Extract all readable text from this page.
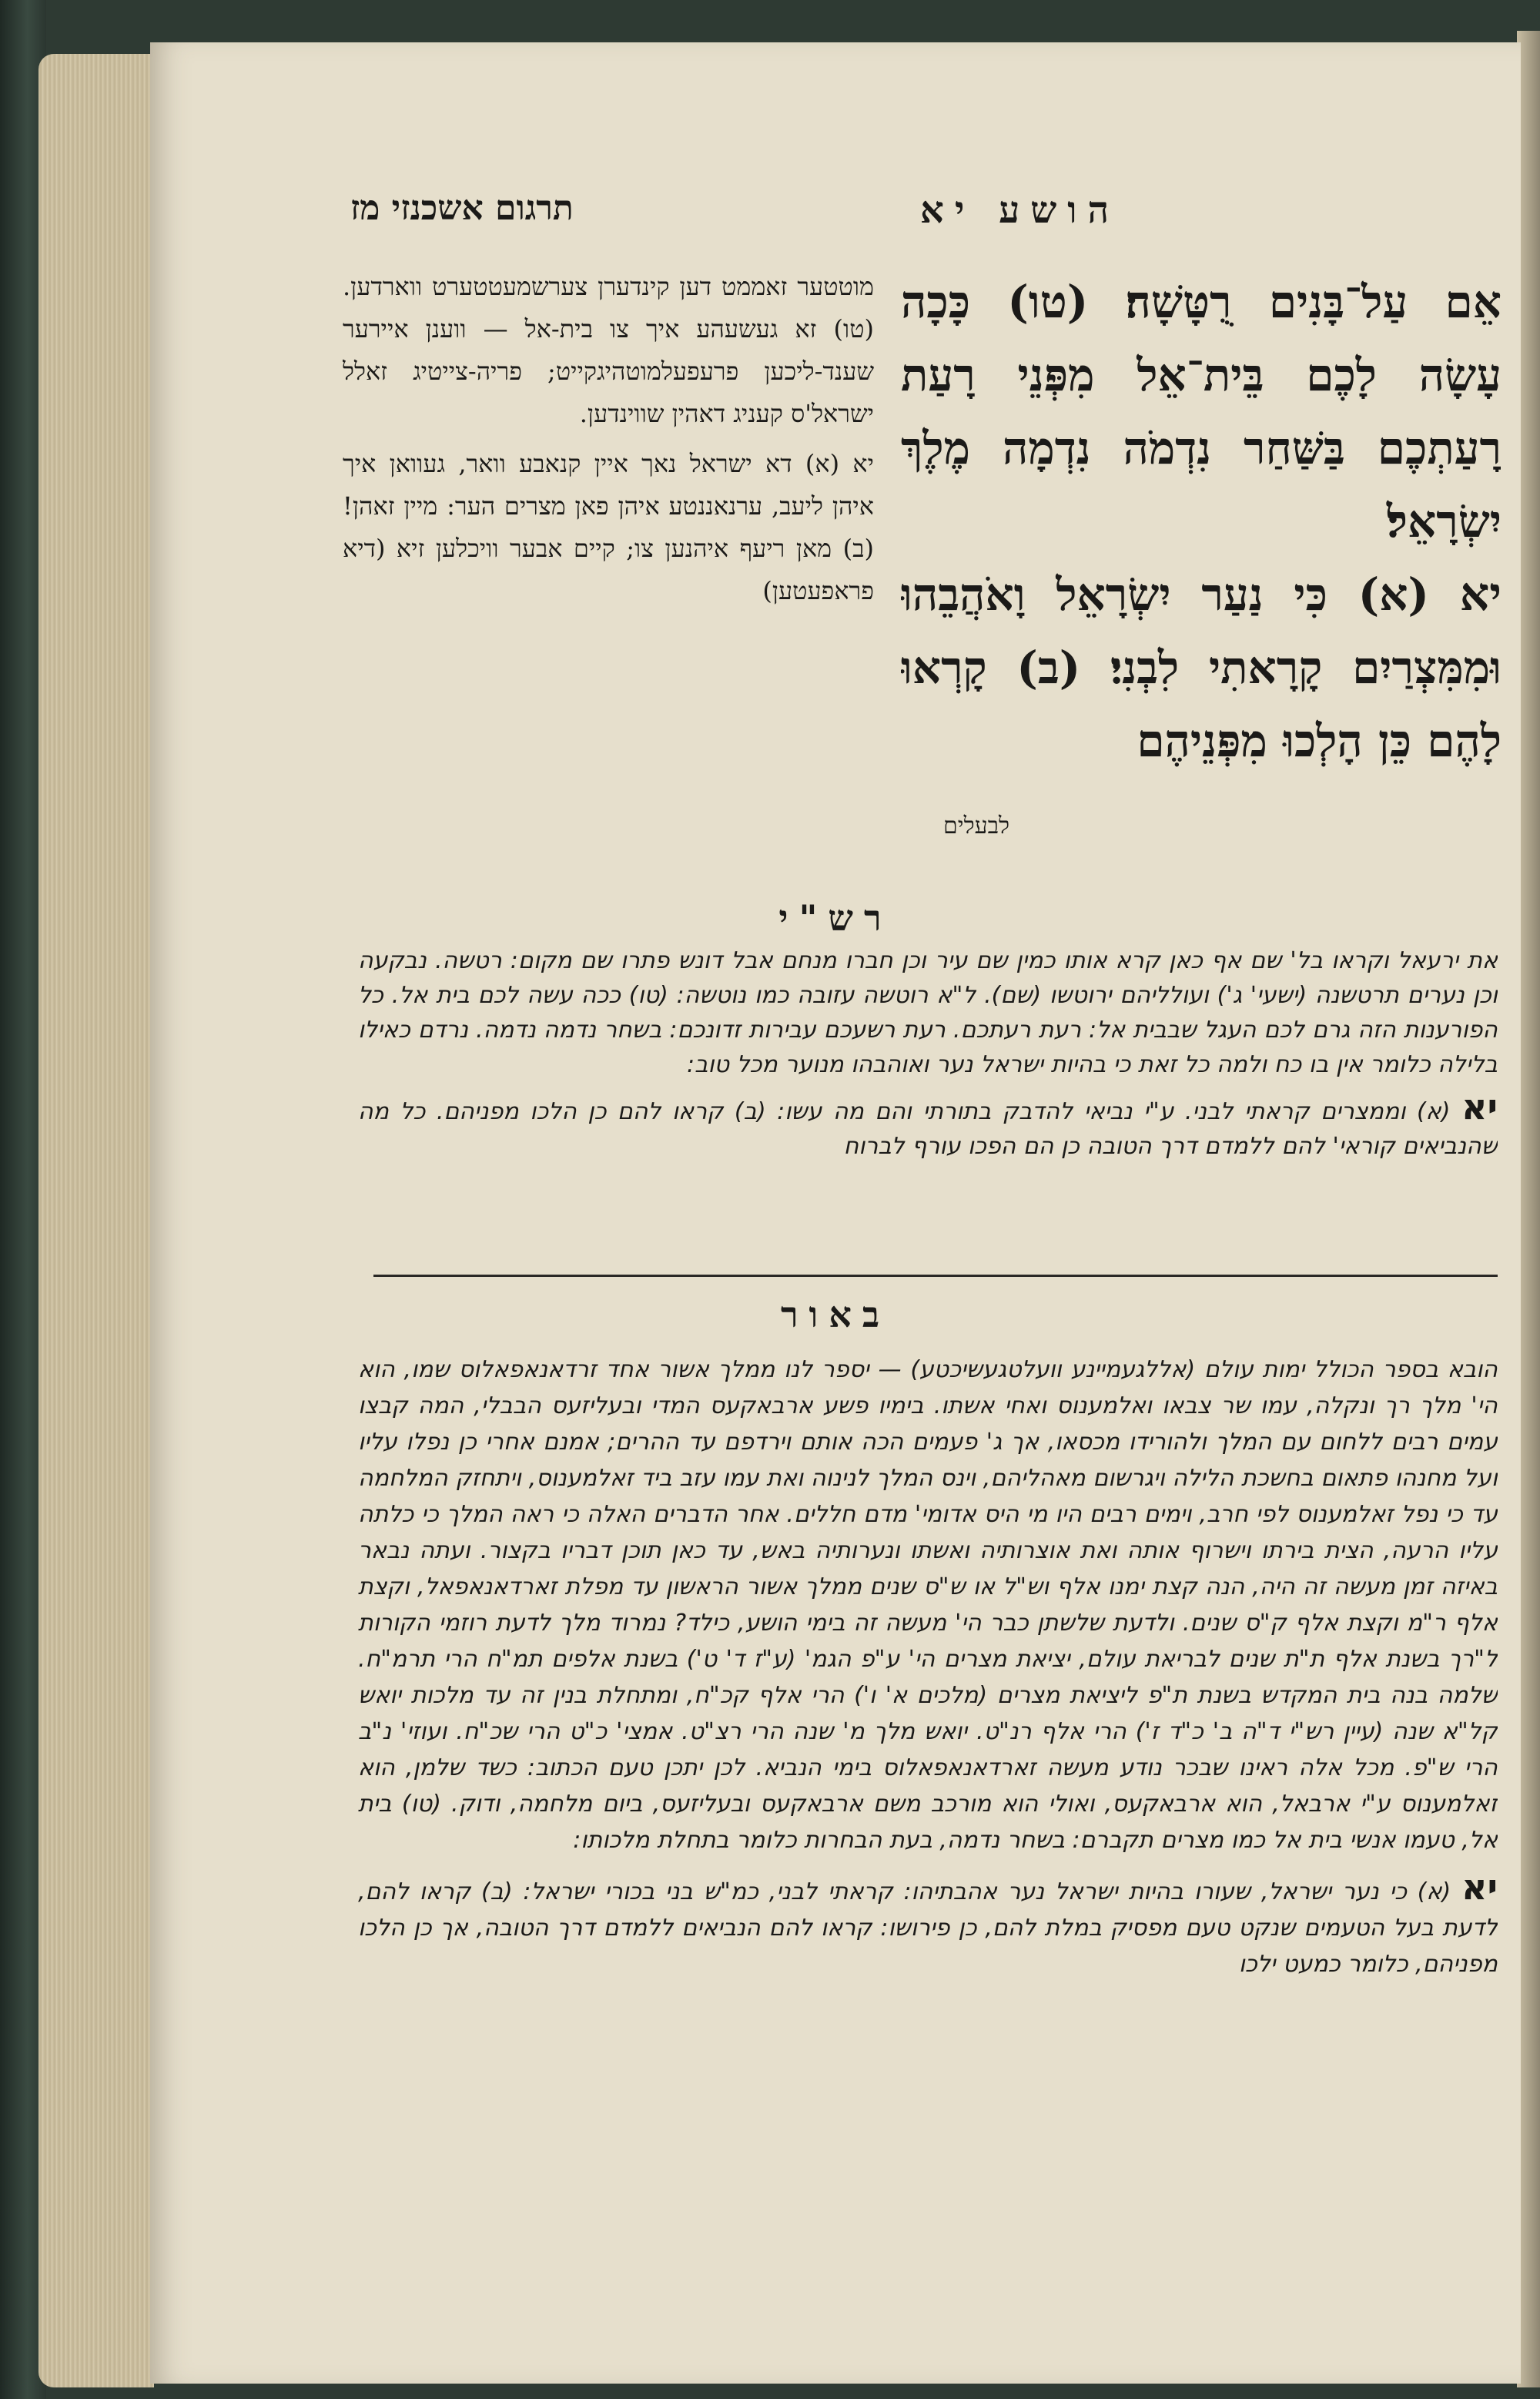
תרגום אשכנזי מז	הושע יא

מוטטער זאממט דען קינדערן צערשמעטטערט ווארדען. (טו) זא געשעהע איך צו בית-אל — ווענן איירער שענד-ליכען פרעפעלמוטהיגקייט; פריה-צייטיג זאלל ישראל'ס קעניג דאהין שווינדען.

יא (א) דא ישראל נאך איין קנאבע וואר, געוואן איך איהן ליעב, ערנאננטע איהן פאן מצרים הער: מיין זאהן! (ב) מאן ריעף איהנען צו; קיים אבער וויכלען זיא (דיא פראפעטען)

אֵם עַל־בָּנִים רֻטָּשָׁה׃ (טו) כָּכָה עָשָׂה לָכֶם בֵּית־אֵל מִפְּנֵי רָעַת רָעַתְכֶם בַּשַּׁחַר נִדְמֹה נִדְמָה מֶלֶךְ יִשְׂרָאֵל׃

יא (א) כִּי נַעַר יִשְׂרָאֵל וָאֹהֲבֵהוּ וּמִמִּצְרַיִם קָרָאתִי לִבְנִי׃ (ב) קָרְאוּ לָהֶם כֵּן הָלְכוּ מִפְּנֵיהֶם

לבעלים
רש"י

את ירעאל וקראו בל' שם אף כאן קרא אותו כמין שם עיר וכן חברו מנחם אבל דונש פתרו שם מקום: רטשה. נבקעה וכן נערים תרטשנה (ישעי' ג') ועולליהם ירוטשו (שם). ל"א רוטשה עזובה כמו נוטשה: (טו) ככה עשה לכם בית אל. כל הפורענות הזה גרם לכם העגל שבבית אל: רעת רעתכם. רעת רשעכם עבירות זדונכם: בשחר נדמה נדמה. נרדם כאילו בלילה כלומר אין בו כח ולמה כל זאת כי בהיות ישראל נער ואוהבהו מנוער מכל טוב:

יא (א) וממצרים קראתי לבני. ע"י נביאי להדבק בתורתי והם מה עשו: (ב) קראו להם כן הלכו מפניהם. כל מה שהנביאים קוראי' להם ללמדם דרך הטובה כן הם הפכו עורף לברוח

באור

הובא בספר הכולל ימות עולם (אללגעמיינע וועלטגעשיכטע) — יספר לנו ממלך אשור אחד זרדאנאפאלוס שמו, הוא הי' מלך רך ונקלה, עמו שר צבאו ואלמענוס ואחי אשתו. בימיו פשע ארבאקעס המדי ובעליזעס הבבלי, המה קבצו עמים רבים ללחום עם המלך ולהורידו מכסאו, אך ג' פעמים הכה אותם וירדפם עד ההרים; אמנם אחרי כן נפלו עליו ועל מחנהו פתאום בחשכת הלילה ויגרשום מאהליהם, וינס המלך לנינוה ואת עמו עזב ביד זאלמענוס, ויתחזק המלחמה עד כי נפל זאלמענוס לפי חרב, וימים רבים היו מי היס אדומי' מדם חללים. אחר הדברים האלה כי ראה המלך כי כלתה עליו הרעה, הצית בירתו וישרוף אותה ואת אוצרותיה ואשתו ונערותיה באש, עד כאן תוכן דבריו בקצור. ועתה נבאר באיזה זמן מעשה זה היה, הנה קצת ימנו אלף וש"ל או ש"ס שנים ממלך אשור הראשון עד מפלת זארדאנאפאל, וקצת אלף ר"מ וקצת אלף ק"ס שנים. ולדעת שלשתן כבר הי' מעשה זה בימי הושע, כילד? נמרוד מלך לדעת רוזמי הקורות ל"רך בשנת אלף ת"ת שנים לבריאת עולם, יציאת מצרים הי' ע"פ הגמ' (ע"ז ד' ט') בשנת אלפים תמ"ח הרי תרמ"ח. שלמה בנה בית המקדש בשנת ת"פ ליציאת מצרים (מלכים א' ו') הרי אלף קכ"ח, ומתחלת בנין זה עד מלכות יואש קל"א שנה (עיין רש"י ד"ה ב' כ"ד ז') הרי אלף רנ"ט. יואש מלך מ' שנה הרי רצ"ט. אמצי' כ"ט הרי שכ"ח. ועוזי' נ"ב הרי ש"פ. מכל אלה ראינו שבכר נודע מעשה זארדאנאפאלוס בימי הנביא. לכן יתכן טעם הכתוב: כשד שלמן, הוא זאלמענוס ע"י ארבאל, הוא ארבאקעס, ואולי הוא מורכב משם ארבאקעס ובעליזעס, ביום מלחמה, ודוק. (טו) בית אל, טעמו אנשי בית אל כמו מצרים תקברם: בשחר נדמה, בעת הבחרות כלומר בתחלת מלכותו:

יא (א) כי נער ישראל, שעורו בהיות ישראל נער אהבתיהו: קראתי לבני, כמ"ש בני בכורי ישראל: (ב) קראו להם, לדעת בעל הטעמים שנקט טעם מפסיק במלת להם, כן פירושו: קראו להם הנביאים ללמדם דרך הטובה, אך כן הלכו מפניהם, כלומר כמעט ילכו
